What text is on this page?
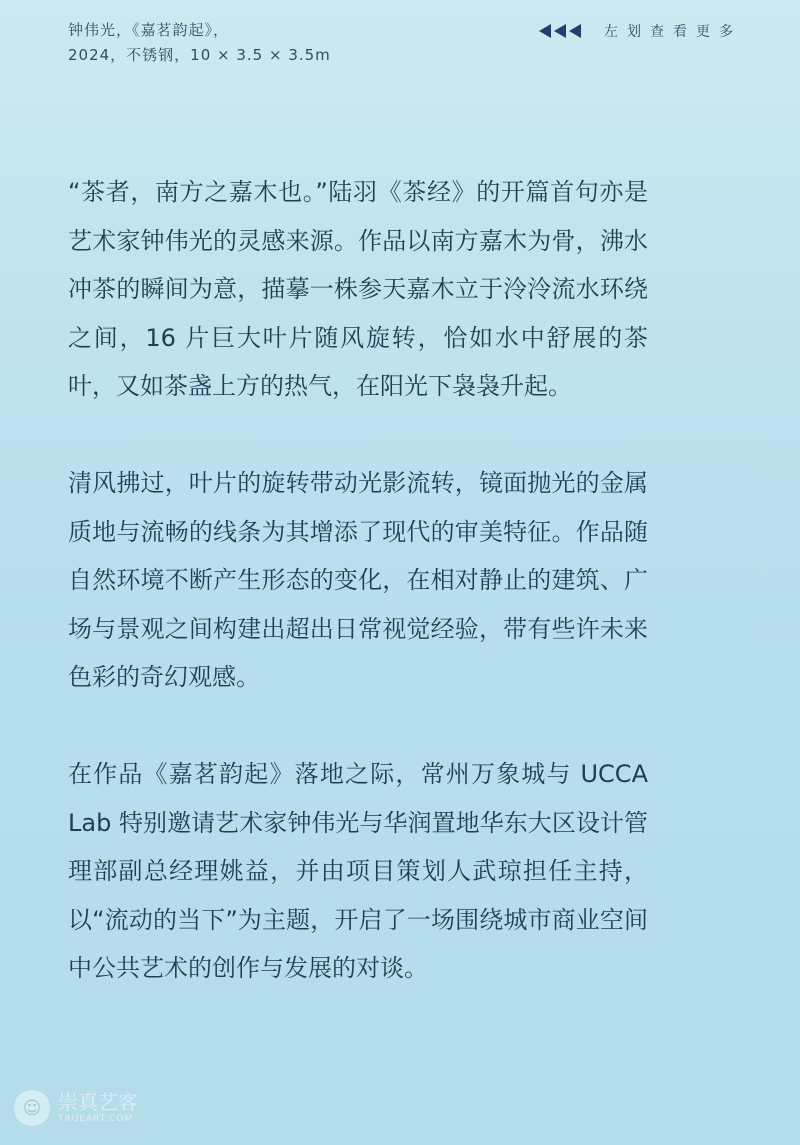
钟伟光，《嘉茗韵起》，
2024，不锈钢，10 × 3.5 × 3.5m
左划查看更多

“茶者，南方之嘉木也。”陆羽《茶经》的开篇首句亦是艺术家钟伟光的灵感来源。作品以南方嘉木为骨，沸水冲茶的瞬间为意，描摹一株参天嘉木立于泠泠流水环绕之间，16 片巨大叶片随风旋转，恰如水中舒展的茶叶，又如茶盏上方的热气，在阳光下袅袅升起。

清风拂过，叶片的旋转带动光影流转，镜面抛光的金属质地与流畅的线条为其增添了现代的审美特征。作品随自然环境不断产生形态的变化，在相对静止的建筑、广场与景观之间构建出超出日常视觉经验，带有些许未来色彩的奇幻观感。

在作品《嘉茗韵起》落地之际，常州万象城与 UCCA Lab 特别邀请艺术家钟伟光与华润置地华东大区设计管理部副总经理姚益，并由项目策划人武琼担任主持，以“流动的当下”为主题，开启了一场围绕城市商业空间中公共艺术的创作与发展的对谈。

☺ 崇真艺客
TRUEART.COM
